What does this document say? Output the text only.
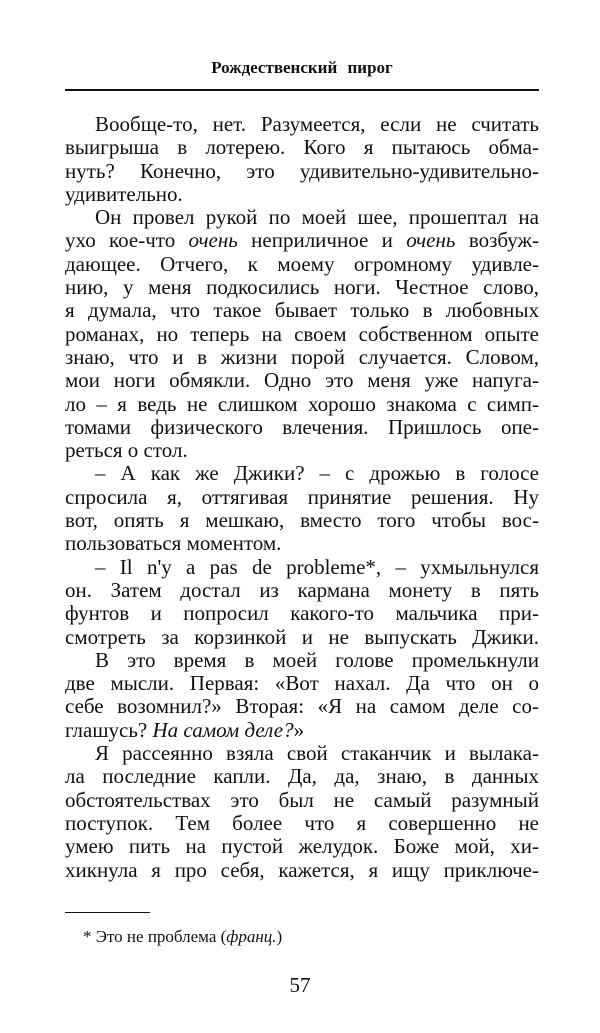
Рождественский пирог
Вообще-то, нет. Разумеется, если не считать
выигрыша в лотерею. Кого я пытаюсь обма-
нуть? Конечно, это удивительно-удивительно-
удивительно.
Он провел рукой по моей шее, прошептал на
ухо кое-что очень неприличное и очень возбуж-
дающее. Отчего, к моему огромному удивле-
нию, у меня подкосились ноги. Честное слово,
я думала, что такое бывает только в любовных
романах, но теперь на своем собственном опыте
знаю, что и в жизни порой случается. Словом,
мои ноги обмякли. Одно это меня уже напуга-
ло – я ведь не слишком хорошо знакома с симп-
томами физического влечения. Пришлось опе-
реться о стол.
– А как же Джики? – с дрожью в голосе
спросила я, оттягивая принятие решения. Ну
вот, опять я мешкаю, вместо того чтобы вос-
пользоваться моментом.
– Il n'y a pas de probleme*, – ухмыльнулся
он. Затем достал из кармана монету в пять
фунтов и попросил какого-то мальчика при-
смотреть за корзинкой и не выпускать Джики.
В это время в моей голове промелькнули
две мысли. Первая: «Вот нахал. Да что он о
себе возомнил?» Вторая: «Я на самом деле со-
глашусь? На самом деле?»
Я рассеянно взяла свой стаканчик и вылака-
ла последние капли. Да, да, знаю, в данных
обстоятельствах это был не самый разумный
поступок. Тем более что я совершенно не
умею пить на пустой желудок. Боже мой, хи-
хикнула я про себя, кажется, я ищу приключе-
* Это не проблема (франц.)
57
